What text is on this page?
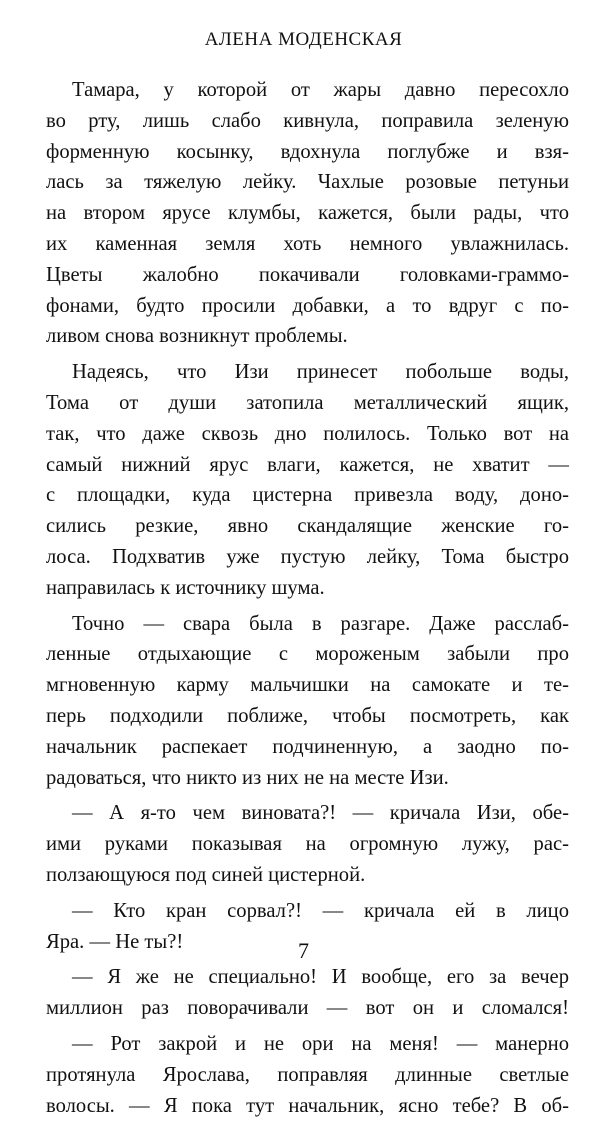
АЛЕНА МОДЕНСКАЯ
Тамара, у которой от жары давно пересохло
во рту, лишь слабо кивнула, поправила зеленую
форменную косынку, вдохнула поглубже и взя-
лась за тяжелую лейку. Чахлые розовые петуньи
на втором ярусе клумбы, кажется, были рады, что
их каменная земля хоть немного увлажнилась.
Цветы жалобно покачивали головками-граммо-
фонами, будто просили добавки, а то вдруг с по-
ливом снова возникнут проблемы.
Надеясь, что Изи принесет побольше воды,
Тома от души затопила металлический ящик,
так, что даже сквозь дно полилось. Только вот на
самый нижний ярус влаги, кажется, не хватит —
с площадки, куда цистерна привезла воду, доно-
сились резкие, явно скандалящие женские го-
лоса. Подхватив уже пустую лейку, Тома быстро
направилась к источнику шума.
Точно — свара была в разгаре. Даже расслаб-
ленные отдыхающие с мороженым забыли про
мгновенную карму мальчишки на самокате и те-
перь подходили поближе, чтобы посмотреть, как
начальник распекает подчиненную, а заодно по-
радоваться, что никто из них не на месте Изи.
— А я-то чем виновата?! — кричала Изи, обе-
ими руками показывая на огромную лужу, рас-
ползающуюся под синей цистерной.
— Кто кран сорвал?! — кричала ей в лицо
Яра. — Не ты?!
— Я же не специально! И вообще, его за вечер
миллион раз поворачивали — вот он и сломался!
— Рот закрой и не ори на меня! — манерно
протянула Ярослава, поправляя длинные светлые
волосы. — Я пока тут начальник, ясно тебе? В об-
7
